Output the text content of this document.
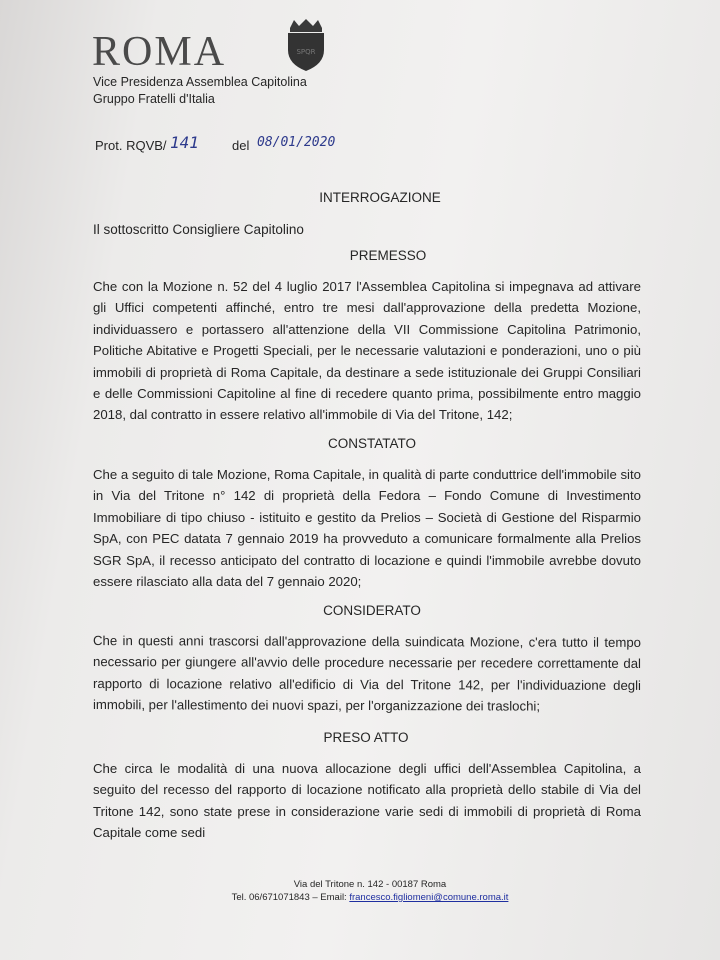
ROMA	SPQR
Vice Presidenza Assemblea Capitolina
Gruppo Fratelli d'Italia
Prot. RQVB/ 141	del 08/01/2020
INTERROGAZIONE
Il sottoscritto Consigliere Capitolino
PREMESSO

Che con la Mozione n. 52 del 4 luglio 2017 l'Assemblea Capitolina si impegnava ad attivare gli Uffici competenti affinché, entro tre mesi dall'approvazione della predetta Mozione, individuassero e portassero all'attenzione della VII Commissione Capitolina Patrimonio, Politiche Abitative e Progetti Speciali, per le necessarie valutazioni e ponderazioni, uno o più immobili di proprietà di Roma Capitale, da destinare a sede istituzionale dei Gruppi Consiliari e delle Commissioni Capitoline al fine di recedere quanto prima, possibilmente entro maggio 2018, dal contratto in essere relativo all'immobile di Via del Tritone, 142;

CONSTATATO

Che a seguito di tale Mozione, Roma Capitale, in qualità di parte conduttrice dell'immobile sito in Via del Tritone n° 142 di proprietà della Fedora – Fondo Comune di Investimento Immobiliare di tipo chiuso - istituito e gestito da Prelios – Società di Gestione del Risparmio SpA, con PEC datata 7 gennaio 2019 ha provveduto a comunicare formalmente alla Prelios SGR SpA, il recesso anticipato del contratto di locazione e quindi l'immobile avrebbe dovuto essere rilasciato alla data del 7 gennaio 2020;

CONSIDERATO

Che in questi anni trascorsi dall'approvazione della suindicata Mozione, c'era tutto il tempo necessario per giungere all'avvio delle procedure necessarie per recedere correttamente dal rapporto di locazione relativo all'edificio di Via del Tritone 142, per l'individuazione degli immobili, per l'allestimento dei nuovi spazi, per l'organizzazione dei traslochi;

PRESO ATTO

Che circa le modalità di una nuova allocazione degli uffici dell'Assemblea Capitolina, a seguito del recesso del rapporto di locazione notificato alla proprietà dello stabile di Via del Tritone 142, sono state prese in considerazione varie sedi di immobili di proprietà di Roma Capitale come sedi

Via del Tritone n. 142 - 00187 Roma
Tel. 06/671071843 – Email: francesco.figliomeni@comune.roma.it
